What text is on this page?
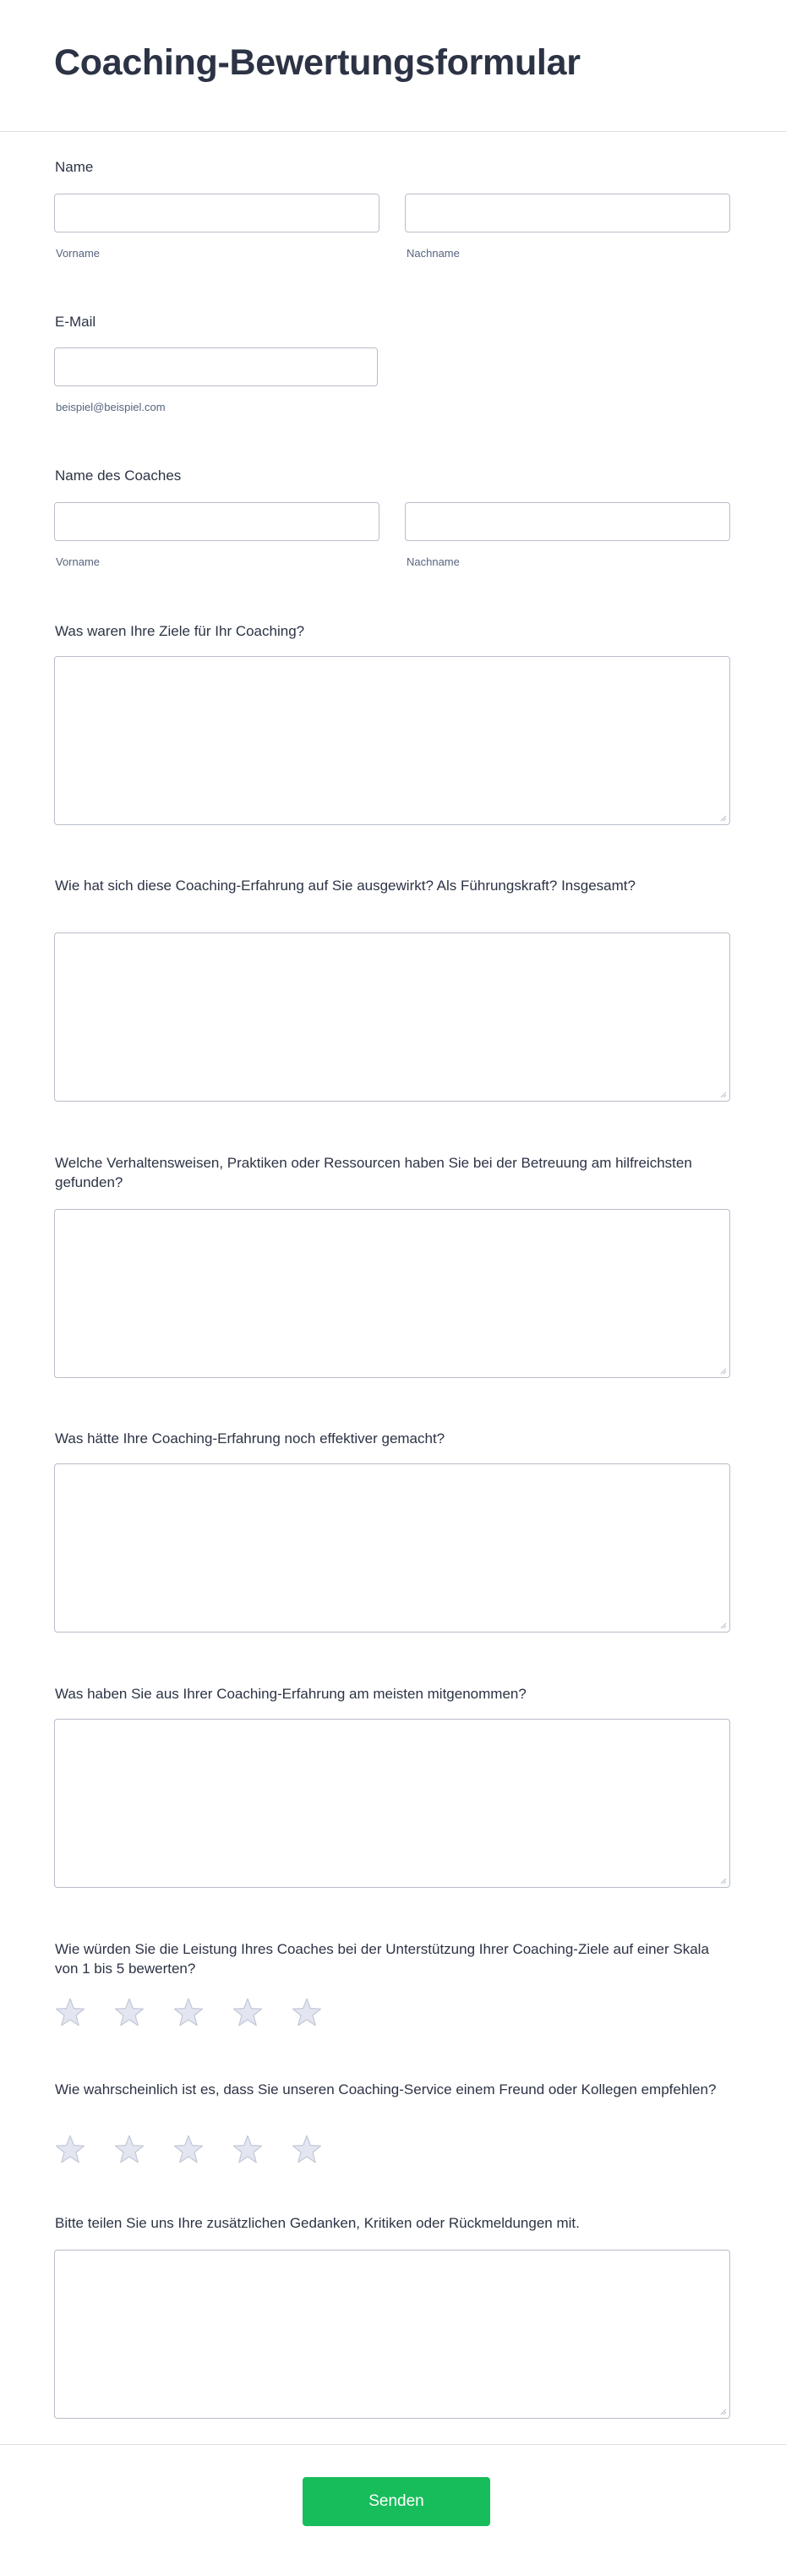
Coaching-Bewertungsformular
Name
Vorname	Nachname
E-Mail
beispiel@beispiel.com
Name des Coaches
Vorname	Nachname
Was waren Ihre Ziele für Ihr Coaching?
Wie hat sich diese Coaching-Erfahrung auf Sie ausgewirkt? Als Führungskraft? Insgesamt?
Welche Verhaltensweisen, Praktiken oder Ressourcen haben Sie bei der Betreuung am hilfreichsten gefunden?
Was hätte Ihre Coaching-Erfahrung noch effektiver gemacht?
Was haben Sie aus Ihrer Coaching-Erfahrung am meisten mitgenommen?
Wie würden Sie die Leistung Ihres Coaches bei der Unterstützung Ihrer Coaching-Ziele auf einer Skala von 1 bis 5 bewerten?
Wie wahrscheinlich ist es, dass Sie unseren Coaching-Service einem Freund oder Kollegen empfehlen?
Bitte teilen Sie uns Ihre zusätzlichen Gedanken, Kritiken oder Rückmeldungen mit.
Senden
